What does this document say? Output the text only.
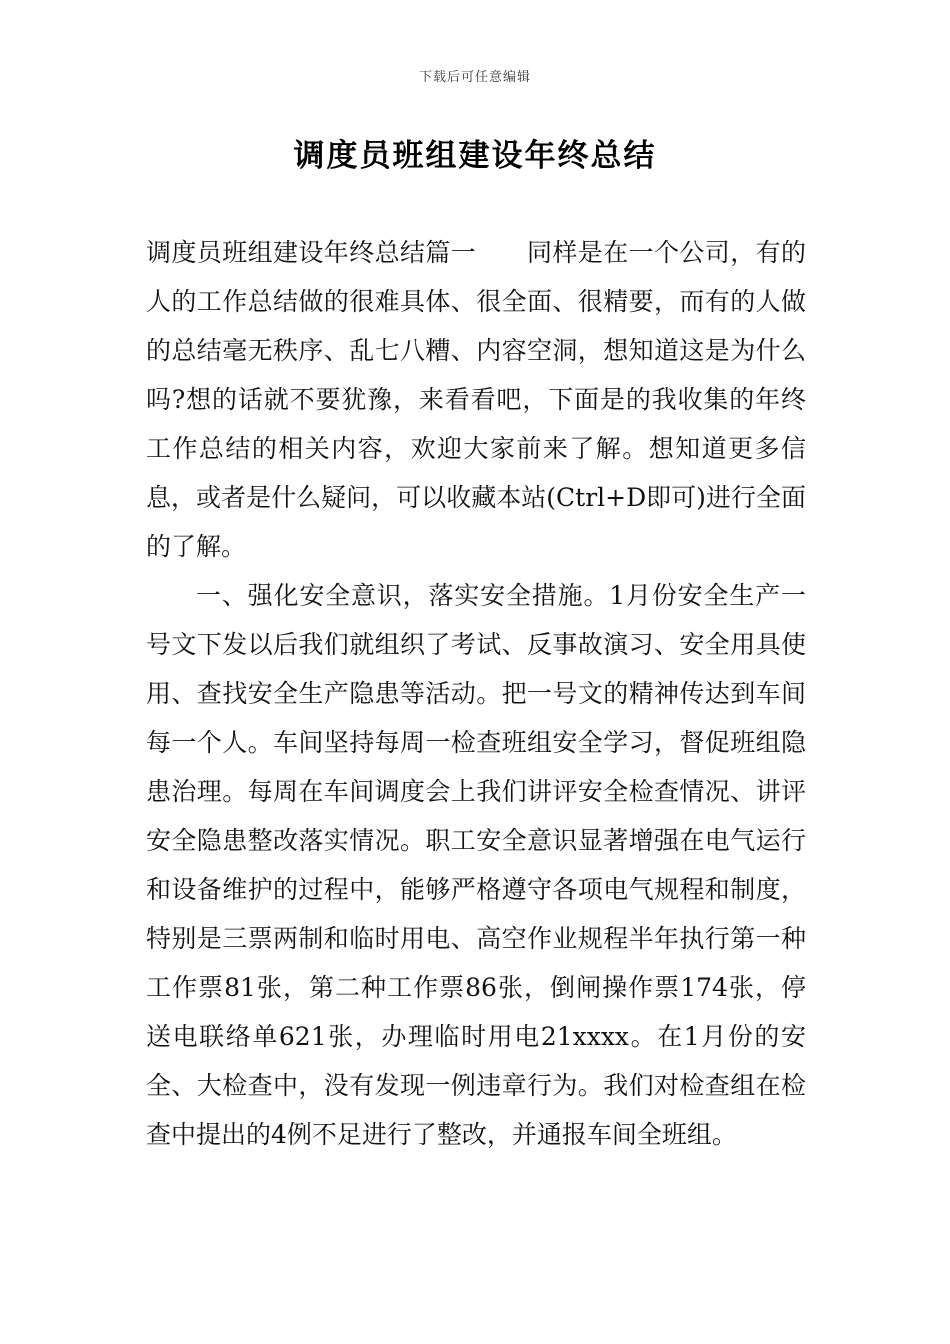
下载后可任意编辑
调度员班组建设年终总结

调度员班组建设年终总结篇一　　同样是在一个公司，有的人的工作总结做的很难具体、很全面、很精要，而有的人做的总结毫无秩序、乱七八糟、内容空洞，想知道这是为什么吗?想的话就不要犹豫，来看看吧，下面是的我收集的年终工作总结的相关内容，欢迎大家前来了解。想知道更多信息，或者是什么疑问，可以收藏本站(Ctrl+D即可)进行全面的了解。

一、强化安全意识，落实安全措施。1月份安全生产一号文下发以后我们就组织了考试、反事故演习、安全用具使用、查找安全生产隐患等活动。把一号文的精神传达到车间每一个人。车间坚持每周一检查班组安全学习，督促班组隐患治理。每周在车间调度会上我们讲评安全检查情况、讲评安全隐患整改落实情况。职工安全意识显著增强在电气运行和设备维护的过程中，能够严格遵守各项电气规程和制度，特别是三票两制和临时用电、高空作业规程半年执行第一种工作票81张，第二种工作票86张，倒闸操作票174张，停送电联络单621张，办理临时用电21xxxx。在1月份的安全、大检查中，没有发现一例违章行为。我们对检查组在检查中提出的4例不足进行了整改，并通报车间全班组。
